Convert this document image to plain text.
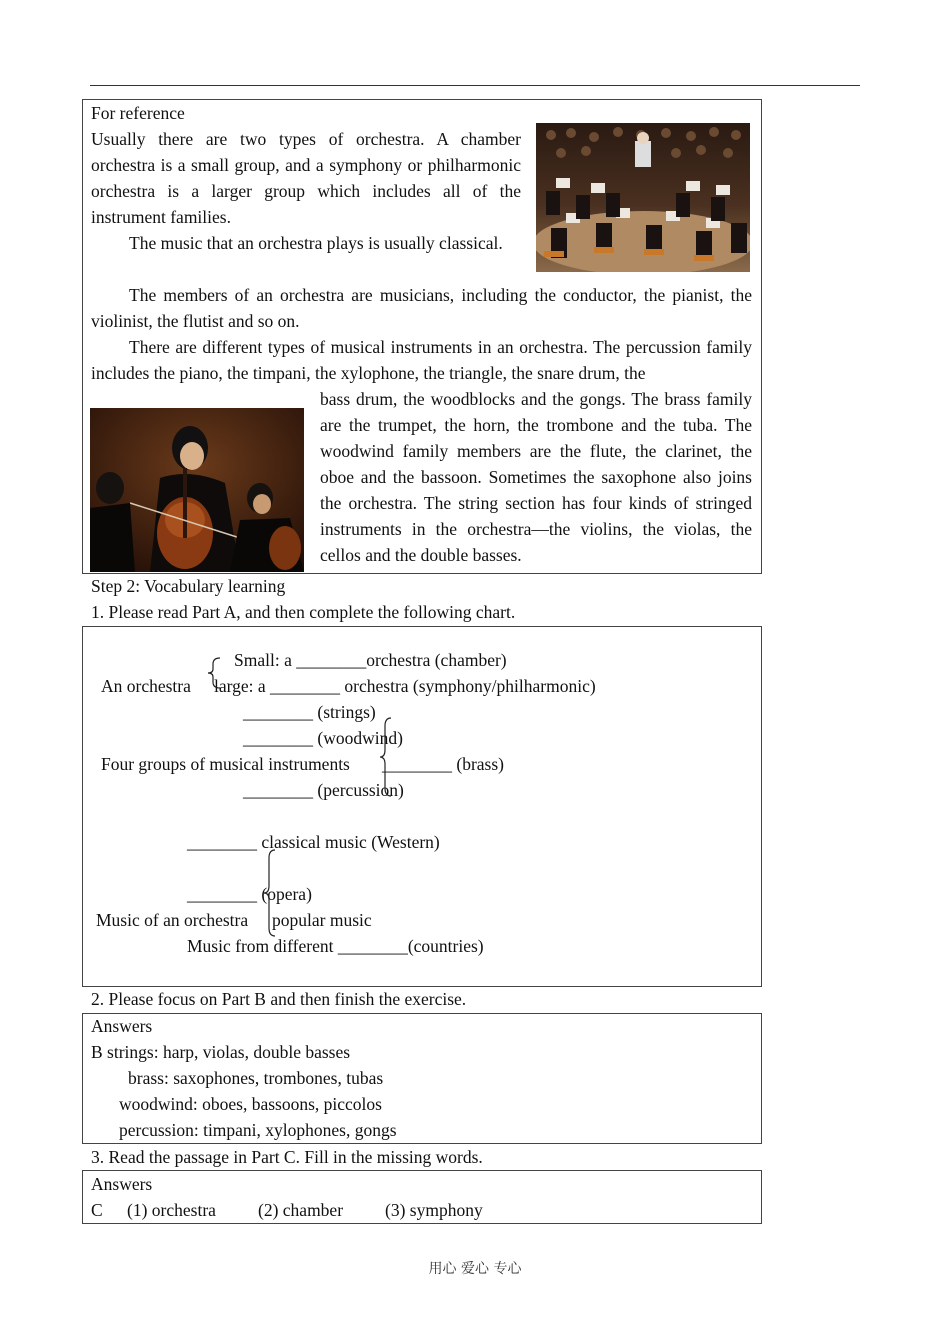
For reference
Usually there are two types of orchestra. A chamber orchestra is a small group, and a symphony or philharmonic orchestra is a larger group which includes all of the instrument families.
The music that an orchestra plays is usually classical.
The members of an orchestra are musicians, including the conductor, the pianist, the violinist, the flutist and so on.
There are different types of musical instruments in an orchestra. The percussion family includes the piano, the timpani, the xylophone, the triangle, the snare drum, the
bass drum, the woodblocks and the gongs. The brass family are the trumpet, the horn, the trombone and the tuba. The woodwind family members are the flute, the clarinet, the oboe and the bassoon. Sometimes the saxophone also joins the orchestra. The string section has four kinds of stringed instruments in the orchestra—the violins, the violas, the cellos and the double basses.
Step 2: Vocabulary learning
1. Please read Part A, and then complete the following chart.
Small: a ________orchestra (chamber)
An orchestra large: a ________ orchestra (symphony/philharmonic)
________ (strings)
________ (woodwind)
Four groups of musical instruments ________ (brass)
________ (percussion)
________ classical music (Western)
________ (opera)
Music of an orchestra popular music
Music from different ________(countries)
2. Please focus on Part B and then finish the exercise.
Answers
B strings: harp, violas, double basses
brass: saxophones, trombones, tubas
woodwind: oboes, bassoons, piccolos
percussion: timpani, xylophones, gongs
3. Read the passage in Part C. Fill in the missing words.
Answers
C (1) orchestra (2) chamber (3) symphony
用心 爱心 专心
